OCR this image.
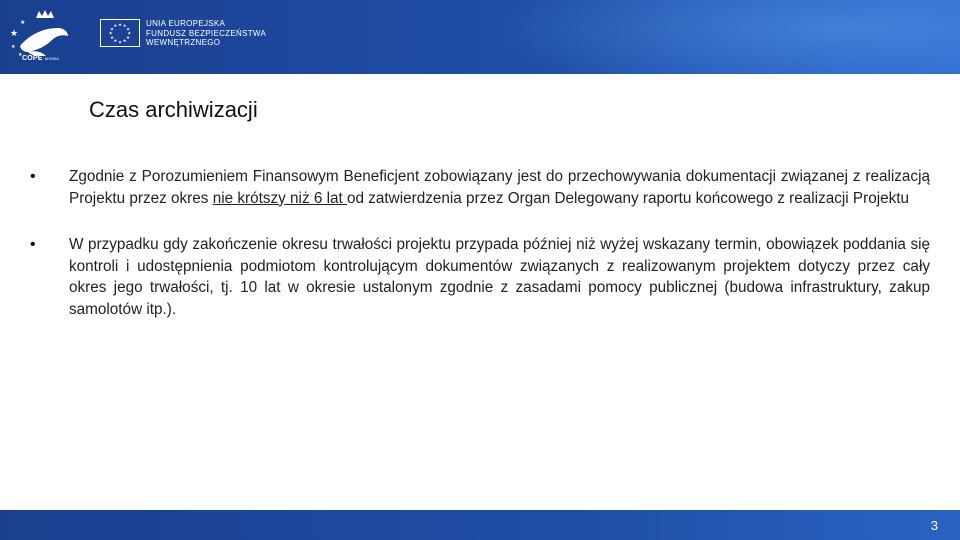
★
★
★
★ COPE MSWiA
★ ★
★
★
★
★
★
★
★
★
★
★	UNIA EUROPEJSKA
FUNDUSZ BEZPIECZEŃSTWA
WEWNĘTRZNEGO
Czas archiwizacji
• Zgodnie z Porozumieniem Finansowym Beneficjent zobowiązany jest do przechowywania dokumentacji związanej z realizacją Projektu przez okres nie krótszy niż 6 lat od zatwierdzenia przez Organ Delegowany raportu końcowego z realizacji Projektu
• W przypadku gdy zakończenie okresu trwałości projektu przypada później niż wyżej wskazany termin, obowiązek poddania się kontroli i udostępnienia podmiotom kontrolującym dokumentów związanych z realizowanym projektem dotyczy przez cały okres jego trwałości, tj. 10 lat w okresie ustalonym zgodnie z zasadami pomocy publicznej (budowa infrastruktury, zakup samolotów itp.).
3
